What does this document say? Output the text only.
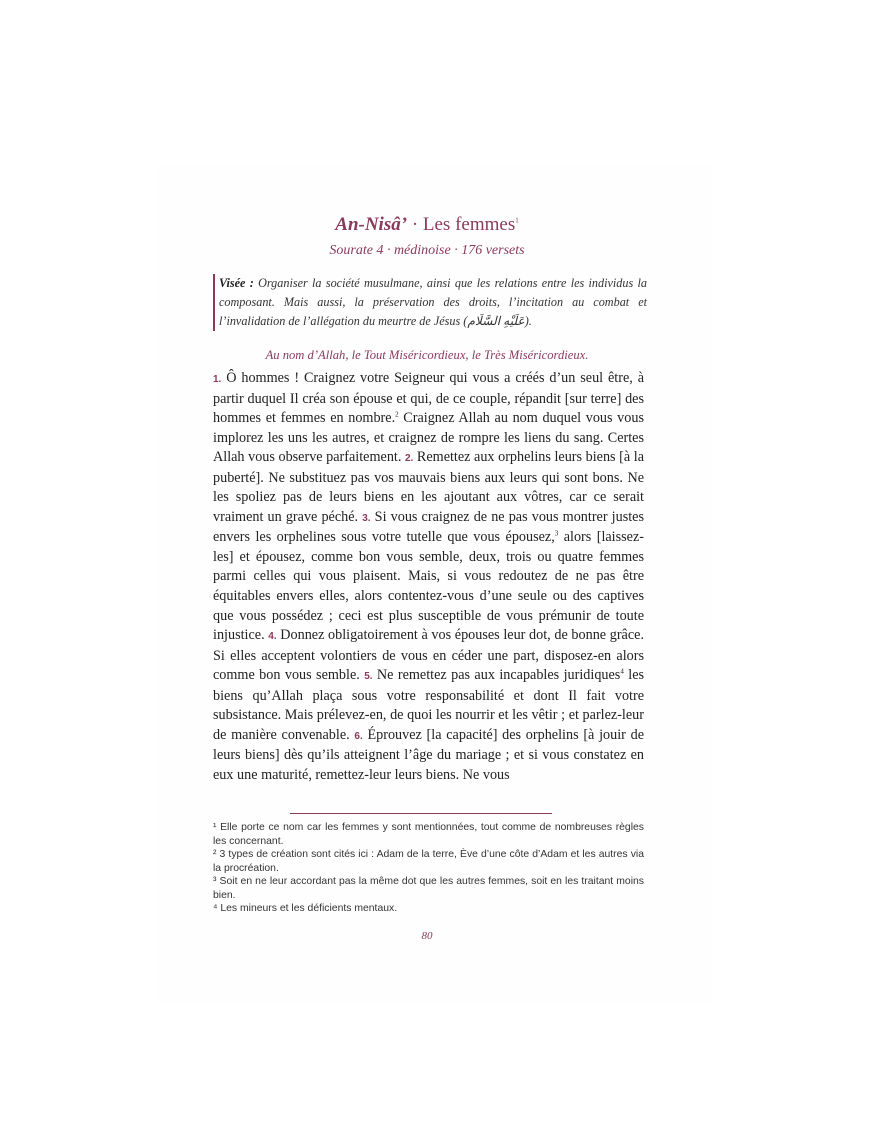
An-Nisâ’ · Les femmes$^1$
Sourate 4 · médinoise · 176 versets
Visée : Organiser la société musulmane, ainsi que les relations entre les individus la composant. Mais aussi, la préservation des droits, l’incitation au combat et l’invalidation de l’allégation du meurtre de Jésus (عَلَيْهِ السَّلَام).
Au nom d’Allah, le Tout Miséricordieux, le Très Miséricordieux.
1. Ô hommes ! Craignez votre Seigneur qui vous a créés d’un seul être, à partir duquel Il créa son épouse et qui, de ce couple, répandit [sur terre] des hommes et femmes en nombre.$^2$ Craignez Allah au nom duquel vous vous implorez les uns les autres, et craignez de rompre les liens du sang. Certes Allah vous observe parfaitement. 2. Remettez aux orphelins leurs biens [à la puberté]. Ne substituez pas vos mauvais biens aux leurs qui sont bons. Ne les spoliez pas de leurs biens en les ajoutant aux vôtres, car ce serait vraiment un grave péché. 3. Si vous craignez de ne pas vous montrer justes envers les orphelines sous votre tutelle que vous épousez,$^3$ alors [laissez-les] et épousez, comme bon vous semble, deux, trois ou quatre femmes parmi celles qui vous plaisent. Mais, si vous redoutez de ne pas être équitables envers elles, alors contentez-vous d’une seule ou des captives que vous possédez ; ceci est plus susceptible de vous prémunir de toute injustice. 4. Donnez obligatoirement à vos épouses leur dot, de bonne grâce. Si elles acceptent volontiers de vous en céder une part, disposez-en alors comme bon vous semble. 5. Ne remettez pas aux incapables juridiques$^4$ les biens qu’Allah plaça sous votre responsabilité et dont Il fait votre subsistance. Mais prélevez-en, de quoi les nourrir et les vêtir ; et parlez-leur de manière convenable. 6. Éprouvez [la capacité] des orphelins [à jouir de leurs biens] dès qu’ils atteignent l’âge du mariage ; et si vous constatez en eux une maturité, remettez-leur leurs biens. Ne vous
¹ Elle porte ce nom car les femmes y sont mentionnées, tout comme de nombreuses règles les concernant.
² 3 types de création sont cités ici : Adam de la terre, Ève d’une côte d’Adam et les autres via la procréation.
³ Soit en ne leur accordant pas la même dot que les autres femmes, soit en les traitant moins bien.
⁴ Les mineurs et les déficients mentaux.
80
